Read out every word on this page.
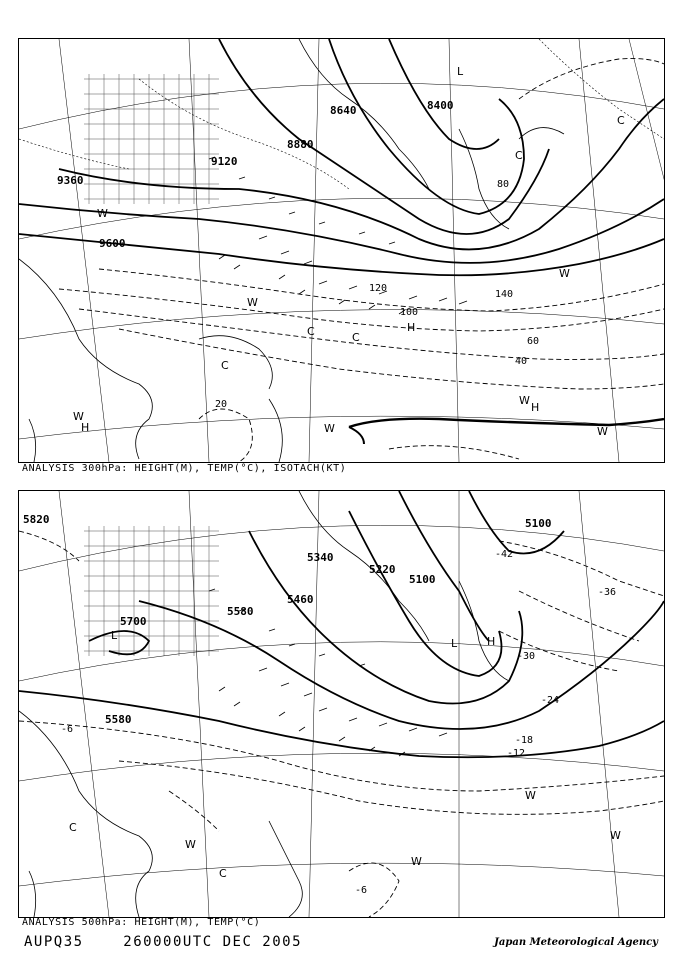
9600
9360
9120
8880
8640	8400
20
40
60
80
100
120
140
W
W
W
W
W
W	W
C
C	C
C
C
H
H
H
L
ANALYSIS 300hPa: HEIGHT(M), TEMP(°C), ISOTACH(KT)
5820
5700
5580
5460
5340
5220
5100
5100
5580
-6
-6
-12
-18
-24
-30
-36
-42
L
L
C
C
W
W
W
W
H
ANALYSIS 500hPa: HEIGHT(M), TEMP(°C)
AUPQ35	260000UTC DEC 2005	Japan Meteorological Agency
